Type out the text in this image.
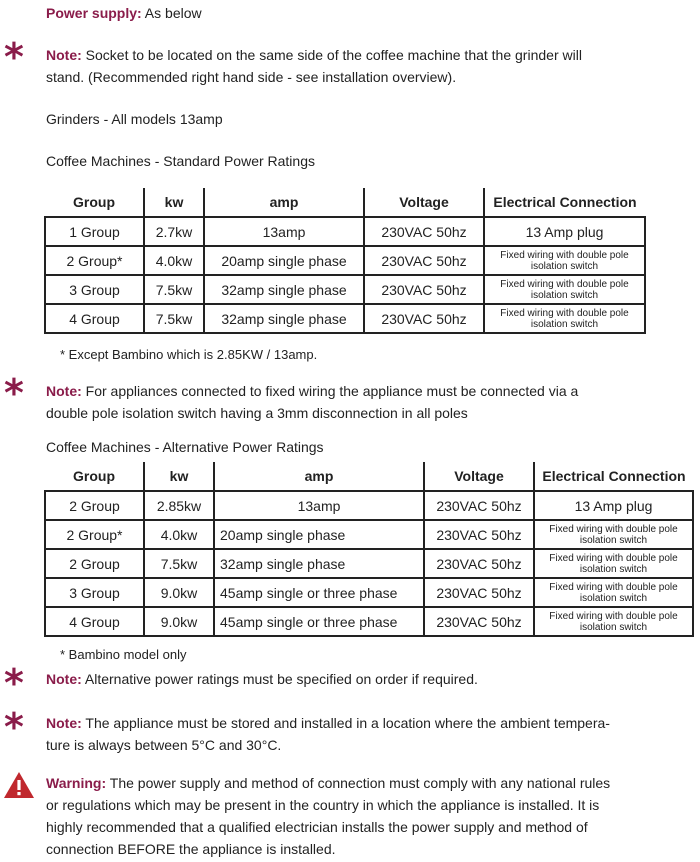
Power supply: As below
* Note: Socket to be located on the same side of the coffee machine that the grinder will
stand. (Recommended right hand side - see installation overview).
Grinders - All models 13amp
Coffee Machines - Standard Power Ratings
Group	kw	amp	Voltage	Electrical Connection
1 Group	2.7kw	13amp	230VAC 50hz	13 Amp plug
2 Group*	4.0kw	20amp single phase	230VAC 50hz	Fixed wiring with double pole isolation switch
3 Group	7.5kw	32amp single phase	230VAC 50hz	Fixed wiring with double pole isolation switch
4 Group	7.5kw	32amp single phase	230VAC 50hz	Fixed wiring with double pole isolation switch
* Except Bambino which is 2.85KW / 13amp.
* Note: For appliances connected to fixed wiring the appliance must be connected via a
double pole isolation switch having a 3mm disconnection in all poles
Coffee Machines - Alternative Power Ratings
Group	kw	amp	Voltage	Electrical Connection
2 Group	2.85kw	13amp	230VAC 50hz	13 Amp plug
2 Group*	4.0kw	20amp single phase	230VAC 50hz	Fixed wiring with double pole isolation switch
2 Group	7.5kw	32amp single phase	230VAC 50hz	Fixed wiring with double pole isolation switch
3 Group	9.0kw	45amp single or three phase	230VAC 50hz	Fixed wiring with double pole isolation switch
4 Group	9.0kw	45amp single or three phase	230VAC 50hz	Fixed wiring with double pole isolation switch
* Bambino model only
* Note: Alternative power ratings must be specified on order if required.
* Note: The appliance must be stored and installed in a location where the ambient tempera-
ture is always between 5°C and 30°C.
Warning: The power supply and method of connection must comply with any national rules
or regulations which may be present in the country in which the appliance is installed. It is
highly recommended that a qualified electrician installs the power supply and method of
connection BEFORE the appliance is installed.
